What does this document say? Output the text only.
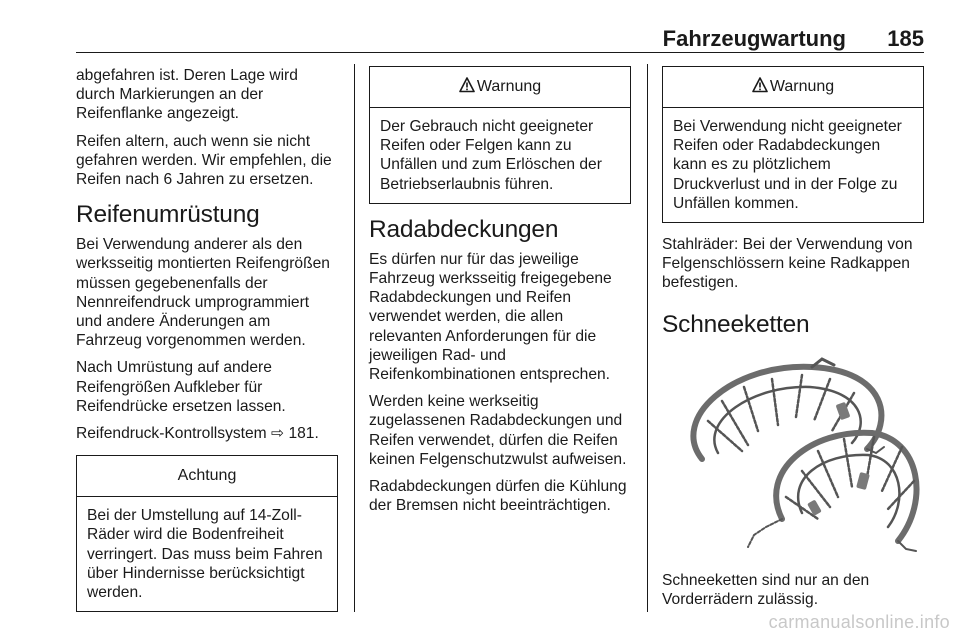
Fahrzeugwartung 185

abgefahren ist. Deren Lage wird durch Markierungen an der Reifenflanke angezeigt.

Reifen altern, auch wenn sie nicht gefahren werden. Wir empfehlen, die Reifen nach 6 Jahren zu ersetzen.

Reifenumrüstung

Bei Verwendung anderer als den werksseitig montierten Reifengrößen müssen gegebenenfalls der Nennreifendruck umprogrammiert und andere Änderungen am Fahrzeug vorgenommen werden.

Nach Umrüstung auf andere Reifengrößen Aufkleber für Reifendrücke ersetzen lassen.

Reifendruck-Kontrollsystem ⇨ 181.

Achtung
Bei der Umstellung auf 14-Zoll-Räder wird die Bodenfreiheit verringert. Das muss beim Fahren über Hindernisse berücksichtigt werden.
Warnung
Der Gebrauch nicht geeigneter Reifen oder Felgen kann zu Unfällen und zum Erlöschen der Betriebserlaubnis führen.
Radabdeckungen

Es dürfen nur für das jeweilige Fahrzeug werksseitig freigegebene Radabdeckungen und Reifen verwendet werden, die allen relevanten Anforderungen für die jeweiligen Rad- und Reifenkombinationen entsprechen.

Werden keine werkseitig zugelassenen Radabdeckungen und Reifen verwendet, dürfen die Reifen keinen Felgenschutzwulst aufweisen.

Radabdeckungen dürfen die Kühlung der Bremsen nicht beeinträchtigen.

Warnung
Bei Verwendung nicht geeigneter Reifen oder Radabdeckungen kann es zu plötzlichem Druckverlust und in der Folge zu Unfällen kommen.

Stahlräder: Bei der Verwendung von Felgenschlössern keine Radkappen befestigen.

Schneeketten

Schneeketten sind nur an den Vorderrädern zulässig.

carmanualsonline.info
